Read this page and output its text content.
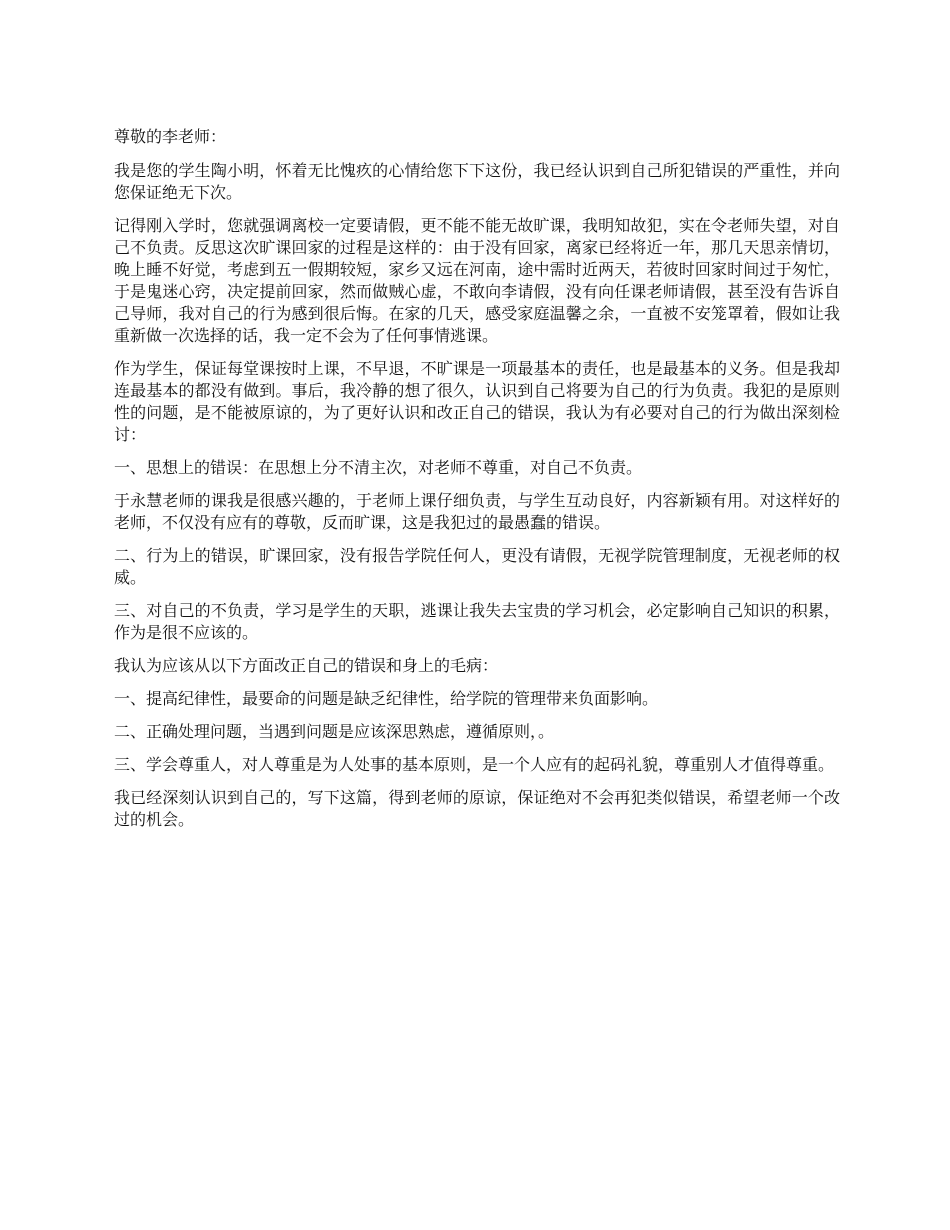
尊敬的李老师：

我是您的学生陶小明，怀着无比愧疚的心情给您下下这份，我已经认识到自己所犯错误的严重性，并向您保证绝无下次。

记得刚入学时，您就强调离校一定要请假，更不能不能无故旷课，我明知故犯，实在令老师失望，对自己不负责。反思这次旷课回家的过程是这样的：由于没有回家，离家已经将近一年，那几天思亲情切，晚上睡不好觉，考虑到五一假期较短，家乡又远在河南，途中需时近两天，若彼时回家时间过于匆忙，于是鬼迷心窍，决定提前回家，然而做贼心虚，不敢向李请假，没有向任课老师请假，甚至没有告诉自己导师，我对自己的行为感到很后悔。在家的几天，感受家庭温馨之余，一直被不安笼罩着，假如让我重新做一次选择的话，我一定不会为了任何事情逃课。

作为学生，保证每堂课按时上课，不早退，不旷课是一项最基本的责任，也是最基本的义务。但是我却连最基本的都没有做到。事后，我冷静的想了很久，认识到自己将要为自己的行为负责。我犯的是原则性的问题，是不能被原谅的，为了更好认识和改正自己的错误，我认为有必要对自己的行为做出深刻检讨：

一、思想上的错误：在思想上分不清主次，对老师不尊重，对自己不负责。

于永慧老师的课我是很感兴趣的，于老师上课仔细负责，与学生互动良好，内容新颖有用。对这样好的老师，不仅没有应有的尊敬，反而旷课，这是我犯过的最愚蠢的错误。

二、行为上的错误，旷课回家，没有报告学院任何人，更没有请假，无视学院管理制度，无视老师的权威。

三、对自己的不负责，学习是学生的天职，逃课让我失去宝贵的学习机会，必定影响自己知识的积累，作为是很不应该的。

我认为应该从以下方面改正自己的错误和身上的毛病：

一、提高纪律性，最要命的问题是缺乏纪律性，给学院的管理带来负面影响。

二、正确处理问题，当遇到问题是应该深思熟虑，遵循原则，。

三、学会尊重人，对人尊重是为人处事的基本原则，是一个人应有的起码礼貌，尊重别人才值得尊重。

我已经深刻认识到自己的，写下这篇，得到老师的原谅，保证绝对不会再犯类似错误，希望老师一个改过的机会。
